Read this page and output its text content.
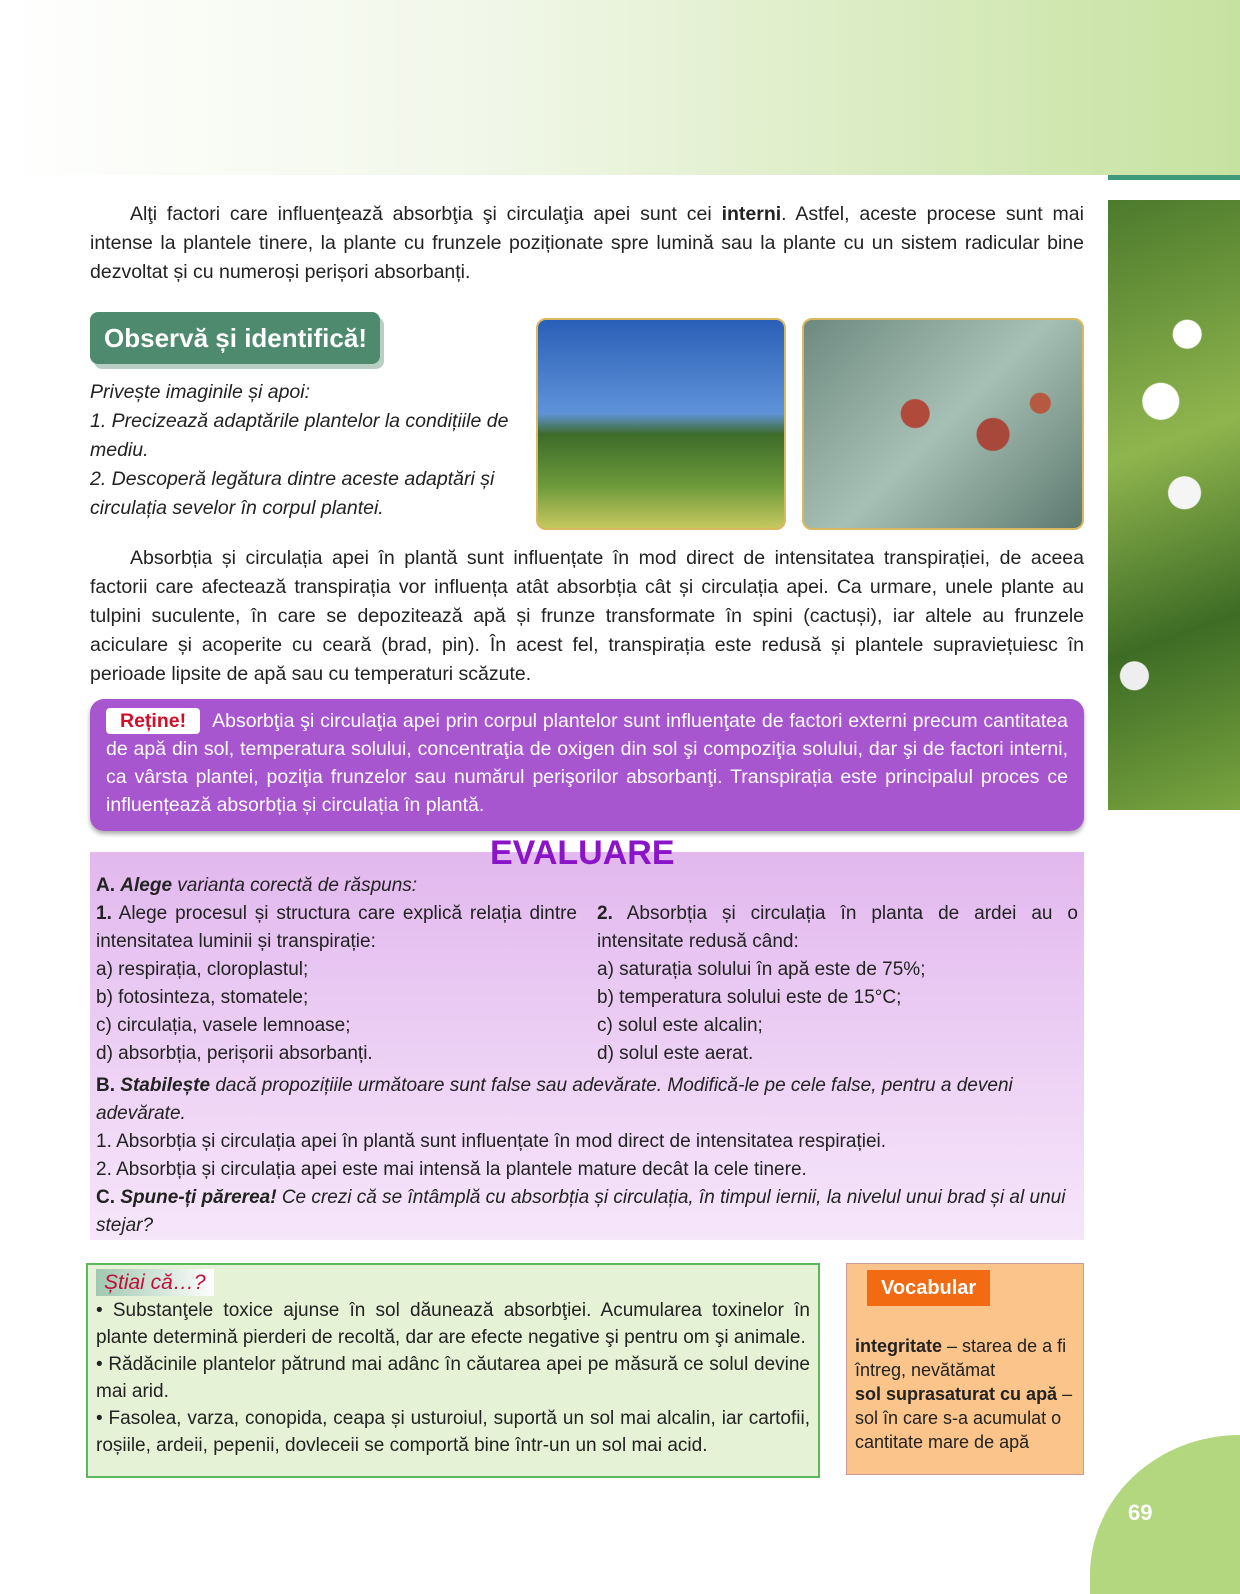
Alţi factori care influenţează absorbţia şi circulaţia apei sunt cei interni. Astfel, aceste procese sunt mai intense la plantele tinere, la plante cu frunzele poziționate spre lumină sau la plante cu un sistem radicular bine dezvoltat și cu numeroși perișori absorbanți.

Observă și identifică!
Privește imaginile și apoi:
1. Precizează adaptările plantelor la condițiile de mediu.
2. Descoperă legătura dintre aceste adaptări și circulația sevelor în corpul plantei.

Absorbția și circulația apei în plantă sunt influențate în mod direct de intensitatea transpirației, de aceea factorii care afectează transpirația vor influența atât absorbția cât și circulația apei. Ca urmare, unele plante au tulpini suculente, în care se depozitează apă și frunze transformate în spini (cactuși), iar altele au frunzele aciculare și acoperite cu ceară (brad, pin). În acest fel, transpirația este redusă și plantele supraviețuiesc în perioade lipsite de apă sau cu temperaturi scăzute.

Reține! Absorbţia şi circulaţia apei prin corpul plantelor sunt influenţate de factori externi precum cantitatea de apă din sol, temperatura solului, concentraţia de oxigen din sol şi compoziţia solului, dar şi de factori interni, ca vârsta plantei, poziţia frunzelor sau numărul perişorilor absorbanţi. Transpirația este principalul proces ce influențează absorbția și circulația în plantă.
A. Alege varianta corectă de răspuns:
1. Alege procesul și structura care explică relația dintre intensitatea luminii și transpirație:
a) respirația, cloroplastul;
b) fotosinteza, stomatele;
c) circulația, vasele lemnoase;
d) absorbția, perișorii absorbanți.
2. Absorbția și circulația în planta de ardei au o intensitate redusă când:
a) saturația solului în apă este de 75%;
b) temperatura solului este de 15°C;
c) solul este alcalin;
d) solul este aerat.
B. Stabilește dacă propozițiile următoare sunt false sau adevărate. Modifică-le pe cele false, pentru a deveni adevărate.
1. Absorbția și circulația apei în plantă sunt influențate în mod direct de intensitatea respirației.
2. Absorbția și circulația apei este mai intensă la plantele mature decât la cele tinere.
C. Spune-ți părerea! Ce crezi că se întâmplă cu absorbția și circulația, în timpul iernii, la nivelul unui brad și al unui stejar?
EVALUARE
Știai că…?
• Substanţele toxice ajunse în sol dăunează absorbţiei. Acumularea toxinelor în plante determină pierderi de recoltă, dar are efecte negative şi pentru om şi animale.
• Rădăcinile plantelor pătrund mai adânc în căutarea apei pe măsură ce solul devine mai arid.
• Fasolea, varza, conopida, ceapa și usturoiul, suportă un sol mai alcalin, iar cartofii, roșiile, ardeii, pepenii, dovleceii se comportă bine într-un un sol mai acid.
Vocabular
integritate – starea de a fi întreg, nevătămat
sol suprasaturat cu apă – sol în care s-a acumulat o cantitate mare de apă
69
